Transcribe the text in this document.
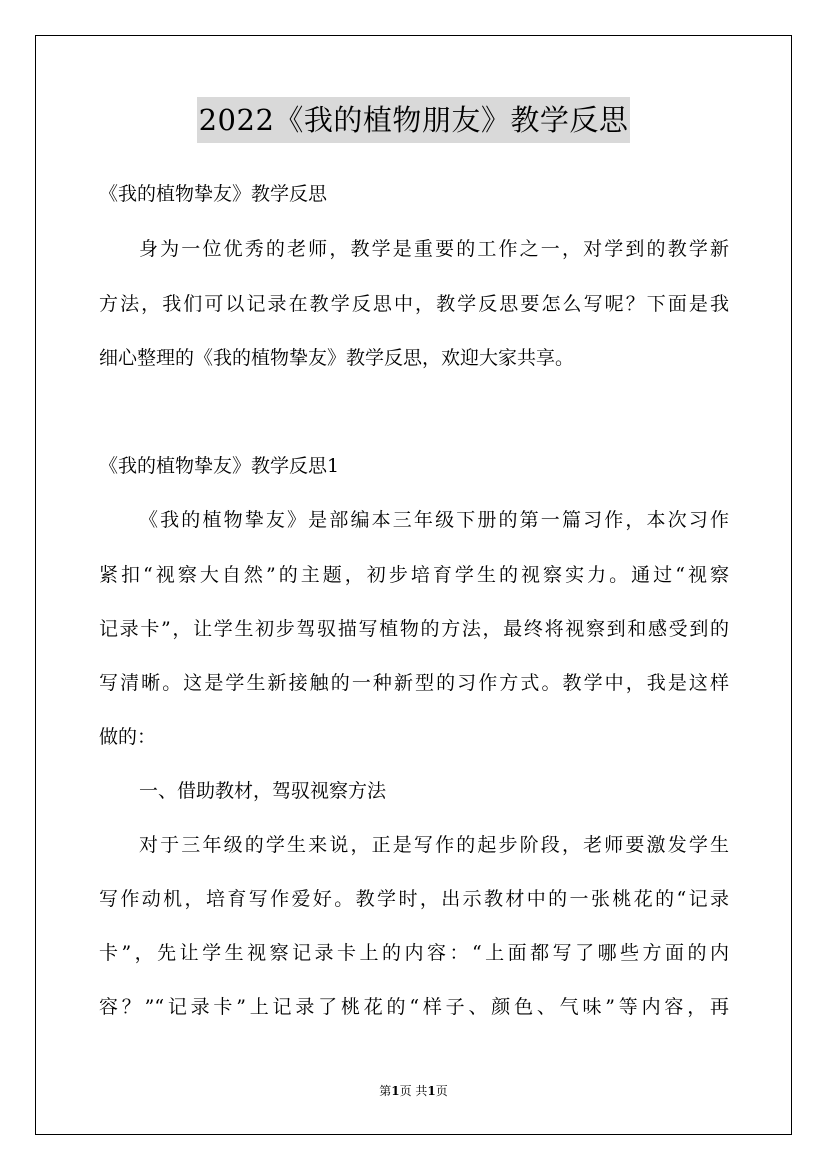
2022《我的植物朋友》教学反思
《我的植物挚友》教学反思
身为一位优秀的老师，教学是重要的工作之一，对学到的教学新
方法，我们可以记录在教学反思中，教学反思要怎么写呢？下面是我
细心整理的《我的植物挚友》教学反思，欢迎大家共享。
《我的植物挚友》教学反思1
《我的植物挚友》是部编本三年级下册的第一篇习作，本次习作
紧扣“视察大自然”的主题，初步培育学生的视察实力。通过“视察
记录卡”，让学生初步驾驭描写植物的方法，最终将视察到和感受到的
写清晰。这是学生新接触的一种新型的习作方式。教学中，我是这样
做的：
一、借助教材，驾驭视察方法
对于三年级的学生来说，正是写作的起步阶段，老师要激发学生
写作动机，培育写作爱好。教学时，出示教材中的一张桃花的“记录
卡”，先让学生视察记录卡上的内容：“上面都写了哪些方面的内
容？”“记录卡”上记录了桃花的“样子、颜色、气味”等内容，再
第1页 共1页
